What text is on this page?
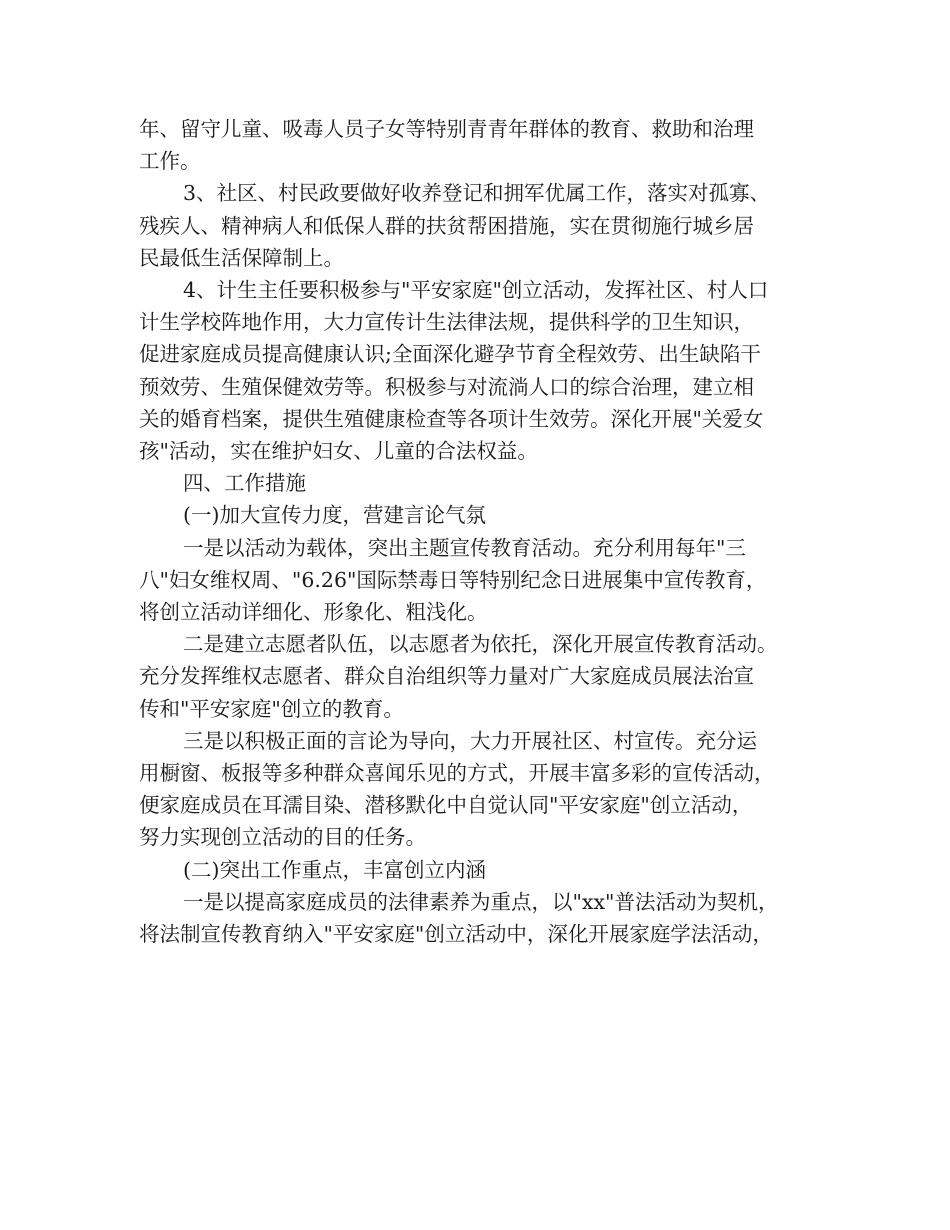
年、留守儿童、吸毒人员子女等特别青青年群体的教育、救助和治理
工作。

3、社区、村民政要做好收养登记和拥军优属工作，落实对孤寡、
残疾人、精神病人和低保人群的扶贫帮困措施，实在贯彻施行城乡居
民最低生活保障制上。

4、计生主任要积极参与"平安家庭"创立活动，发挥社区、村人口
计生学校阵地作用，大力宣传计生法律法规，提供科学的卫生知识，
促进家庭成员提高健康认识;全面深化避孕节育全程效劳、出生缺陷干
预效劳、生殖保健效劳等。积极参与对流淌人口的综合治理，建立相
关的婚育档案，提供生殖健康检查等各项计生效劳。深化开展"关爱女
孩"活动，实在维护妇女、儿童的合法权益。

四、工作措施

(一)加大宣传力度，营建言论气氛

一是以活动为载体，突出主题宣传教育活动。充分利用每年"三
八"妇女维权周、"6.26"国际禁毒日等特别纪念日进展集中宣传教育，
将创立活动详细化、形象化、粗浅化。

二是建立志愿者队伍，以志愿者为依托，深化开展宣传教育活动。
充分发挥维权志愿者、群众自治组织等力量对广大家庭成员展法治宣
传和"平安家庭"创立的教育。

三是以积极正面的言论为导向，大力开展社区、村宣传。充分运
用橱窗、板报等多种群众喜闻乐见的方式，开展丰富多彩的宣传活动，
便家庭成员在耳濡目染、潜移默化中自觉认同"平安家庭"创立活动，
努力实现创立活动的目的任务。

(二)突出工作重点，丰富创立内涵

一是以提高家庭成员的法律素养为重点，以"xx"普法活动为契机，
将法制宣传教育纳入"平安家庭"创立活动中，深化开展家庭学法活动，
